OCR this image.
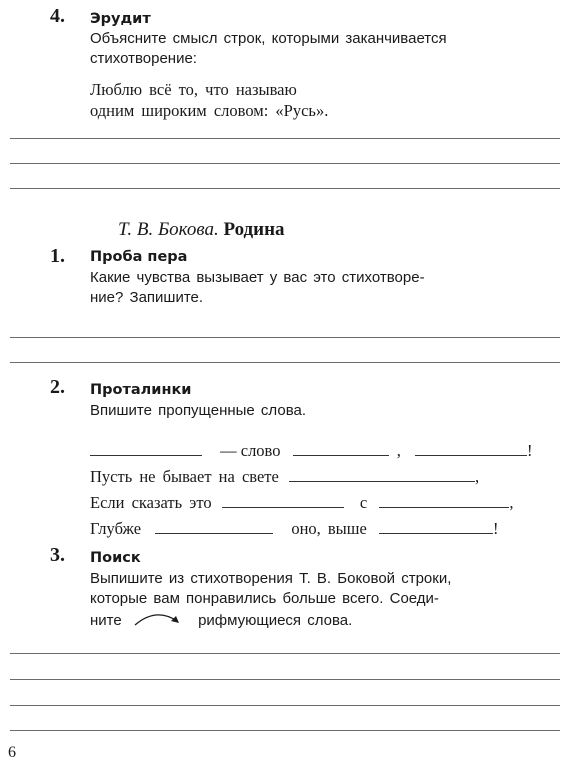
4. Эрудит
Объясните смысл строк, которыми заканчивается
стихотворение:
Люблю всё то, что называю
одним широким словом: «Русь».
Т. В. Бокова. Родина
1. Проба пера
Какие чувства вызывает у вас это стихотворе-
ние? Запишите.
2. Проталинки
Впишите пропущенные слова.
— слово	,	!
Пусть не бывает на свете	,
Если сказать это	с	,
Глубже	оно, выше	!
3. Поиск
Выпишите из стихотворения Т. В. Боковой строки,
которые вам понравились больше всего. Соеди-
ните	рифмующиеся слова.
6
